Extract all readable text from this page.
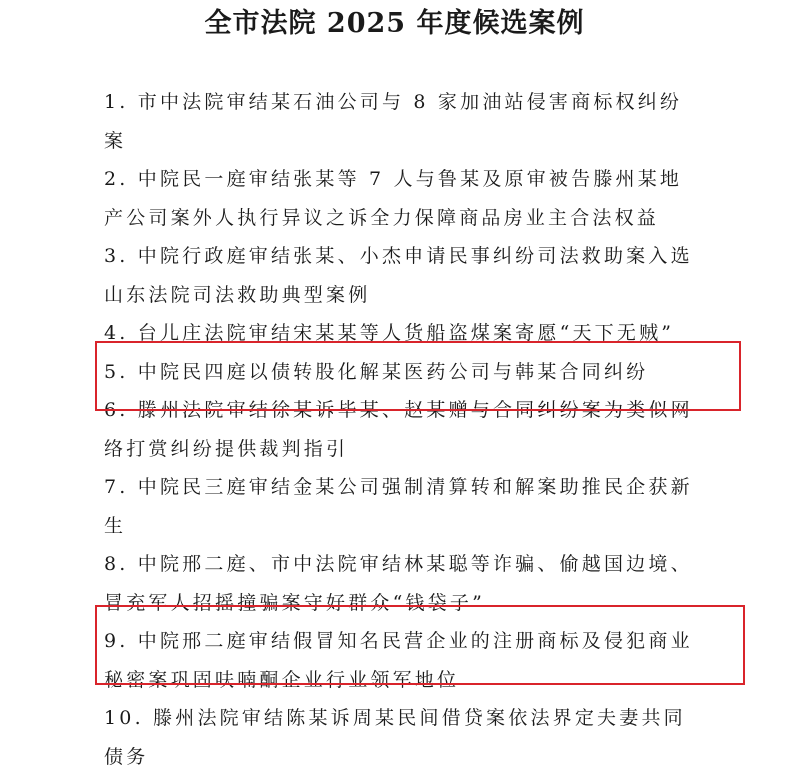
全市法院 2025 年度候选案例
1. 市中法院审结某石油公司与 8 家加油站侵害商标权纠纷案
2. 中院民一庭审结张某等 7 人与鲁某及原审被告滕州某地产公司案外人执行异议之诉全力保障商品房业主合法权益
3. 中院行政庭审结张某、小杰申请民事纠纷司法救助案入选山东法院司法救助典型案例
4. 台儿庄法院审结宋某某等人货船盗煤案寄愿“天下无贼”
5. 中院民四庭以债转股化解某医药公司与韩某合同纠纷
6. 滕州法院审结徐某诉毕某、赵某赠与合同纠纷案为类似网络打赏纠纷提供裁判指引
7. 中院民三庭审结金某公司强制清算转和解案助推民企获新生
8. 中院邢二庭、市中法院审结林某聪等诈骗、偷越国边境、冒充军人招摇撞骗案守好群众“钱袋子”
9. 中院邢二庭审结假冒知名民营企业的注册商标及侵犯商业秘密案巩固呋喃酮企业行业领军地位
10. 滕州法院审结陈某诉周某民间借贷案依法界定夫妻共同债务
